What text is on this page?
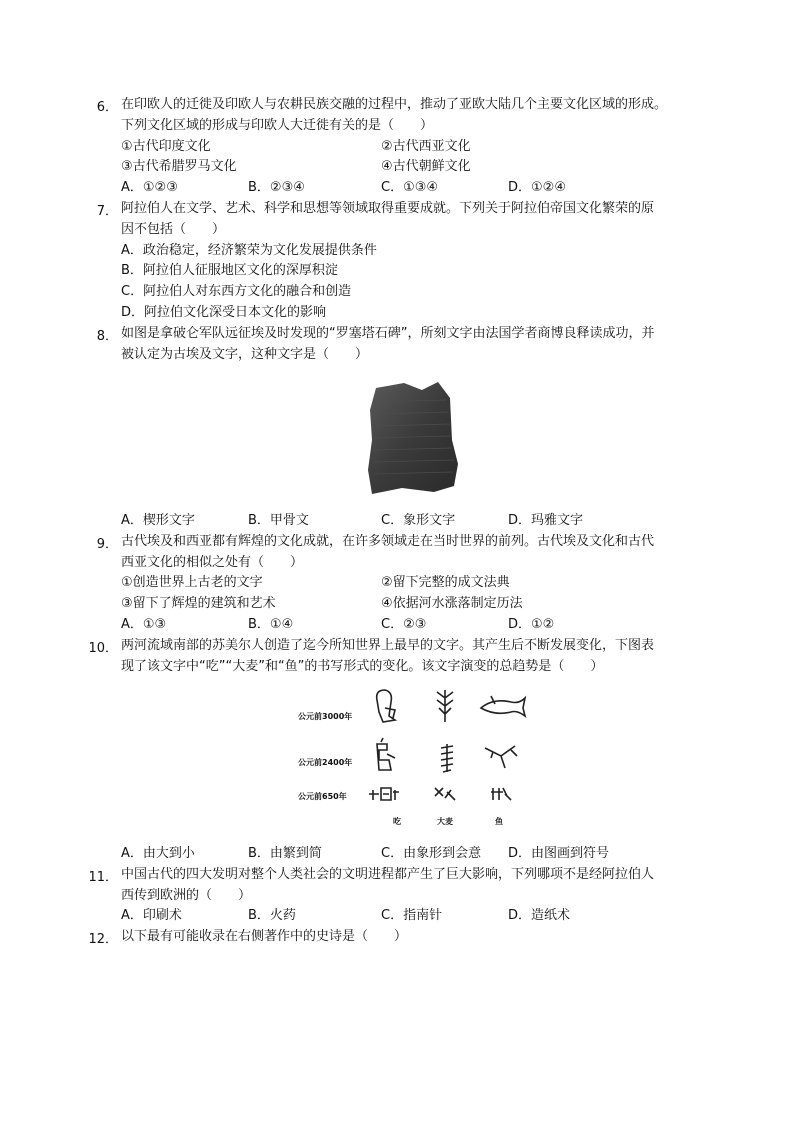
6． 在印欧人的迁徙及印欧人与农耕民族交融的过程中，推动了亚欧大陆几个主要文化区域的形成。
下列文化区域的形成与印欧人大迁徙有关的是（　　）
①古代印度文化	②古代西亚文化
③古代希腊罗马文化	④古代朝鲜文化
A．①②③	B．②③④	C．①③④	D．①②④
7． 阿拉伯人在文学、艺术、科学和思想等领域取得重要成就。下列关于阿拉伯帝国文化繁荣的原
因不包括（　　）
A．政治稳定，经济繁荣为文化发展提供条件
B．阿拉伯人征服地区文化的深厚积淀
C．阿拉伯人对东西方文化的融合和创造
D．阿拉伯文化深受日本文化的影响
8． 如图是拿破仑军队远征埃及时发现的“罗塞塔石碑”，所刻文字由法国学者商博良释读成功，并
被认定为古埃及文字，这种文字是（　　）
A．楔形文字	B．甲骨文	C．象形文字	D．玛雅文字
9． 古代埃及和西亚都有辉煌的文化成就，在许多领域走在当时世界的前列。古代埃及文化和古代
西亚文化的相似之处有（　　）
①创造世界上古老的文字	②留下完整的成文法典
③留下了辉煌的建筑和艺术	④依据河水涨落制定历法
A．①③	B．①④	C．②③	D．①②
10． 两河流域南部的苏美尔人创造了迄今所知世界上最早的文字。其产生后不断发展变化，下图表
现了该文字中“吃”“大麦”和“鱼”的书写形式的变化。该文字演变的总趋势是（　　）
公元前3000年
公元前2400年
公元前650年
吃	大麦	鱼
A．由大到小	B．由繁到简	C．由象形到会意 D．由图画到符号
11． 中国古代的四大发明对整个人类社会的文明进程都产生了巨大影响，下列哪项不是经阿拉伯人
西传到欧洲的（　　）
A．印刷术	B．火药	C．指南针	D．造纸术
12． 以下最有可能收录在右侧著作中的史诗是（　　）
